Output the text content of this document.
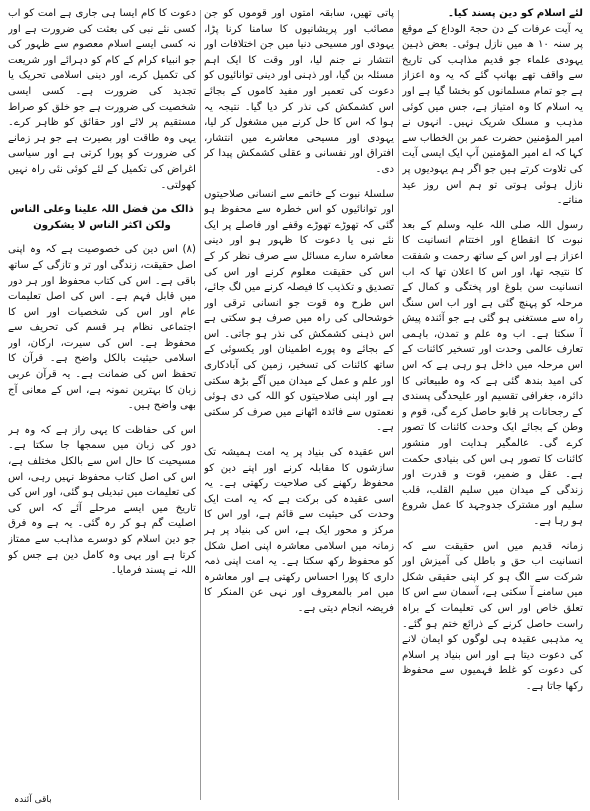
لئے اسلام کو دین پسند کیا۔

یہ آیت عرفات کے دن حجۃ الوداع کے موقع پر سنہ ۱۰ ھ میں نازل ہوئی۔ بعض ذہین یہودی علماء جو قدیم مذاہب کی تاریخ سے واقف تھے بھانپ گئے کہ یہ وہ اعزاز ہے جو تمام مسلمانوں کو بخشا گیا ہے اور یہ اسلام کا وہ امتیاز ہے، جس میں کوئی مذہب و مسلک شریک نہیں۔ انہوں نے امیر المؤمنین حضرت عمر بن الخطاب سے کہا کہ اے امیر المؤمنین آپ ایک ایسی آیت کی تلاوت کرتے ہیں جو اگر ہم یہودیوں پر نازل ہوئی ہوتی تو ہم اس روز عید مناتے۔

رسول اللہ صلی اللہ علیہ وسلم کے بعد نبوت کا انقطاع اور اختتام انسانیت کا اعزاز ہے اور اس کے ساتھ رحمت و شفقت کا نتیجہ تھا، اور اس کا اعلان تھا کہ اب انسانیت سن بلوغ اور پختگی و کمال کے مرحلہ کو پہنچ گئی ہے اور اب اس سنگ راہ سے مستغنی ہو گئی ہے جو آئندہ پیش آ سکتا ہے۔ اب وہ علم و تمدن، باہمی تعارف عالمی وحدت اور تسخیر کائنات کے اس مرحلہ میں داخل ہو رہی ہے کہ اس کی امید بندھ گئی ہے کہ وہ طبیعاتی کا دائرہ، جغرافی تقسیم اور علیحدگی پسندی کے رجحانات پر قابو حاصل کرے گی، قوم و وطن کے بجائے ایک وحدت کائنات کا تصور کرے گی۔ عالمگیر ہدایت اور منشور کائنات کا تصور ہی اس کی بنیادی حکمت ہے۔ عقل و ضمیر، قوت و قدرت اور زندگی کے میدان میں سلیم القلب، قلب سلیم اور مشترک جدوجہد کا عمل شروع ہو رہا ہے۔

زمانہ قدیم میں اس حقیقت سے کہ انسانیت اب حق و باطل کی آمیزش اور شرکت سے الگ ہو کر اپنی حقیقی شکل میں سامنے آ سکتی ہے، آسمان سے اس کا تعلق خاص اور اس کی تعلیمات کے براہ راست حاصل کرنے کے ذرائع ختم ہو گئے۔ یہ مذہبی عقیدہ ہی لوگوں کو ایمان لانے کی دعوت دیتا ہے اور اس بنیاد پر اسلام کی دعوت کو غلط فہمیوں سے محفوظ رکھا جاتا ہے۔

پاتی تھیں، سابقہ امتوں اور قوموں کو جن مصائب اور پریشانیوں کا سامنا کرنا پڑا، یہودی اور مسیحی دنیا میں جن اختلافات اور انتشار نے جنم لیا، اور وقت کا ایک اہم مسئلہ بن گیا، اور ذہنی اور دینی توانائیوں کو دعوت کی تعمیر اور مفید کاموں کے بجائے اس کشمکش کی نذر کر دیا گیا۔ نتیجہ یہ ہوا کہ اس کا حل کرنے میں مشغول کر لیا، یہودی اور مسیحی معاشرے میں انتشار، افتراق اور نفسانی و عقلی کشمکش پیدا کر دی۔

سلسلۂ نبوت کے خاتمے سے انسانی صلاحیتوں اور توانائیوں کو اس خطرہ سے محفوظ ہو گئی کہ تھوڑے تھوڑے وقفے اور فاصلے پر ایک نئے نبی یا دعوت کا ظہور ہو اور دینی معاشرہ سارے مسائل سے صرف نظر کر کے اس کی حقیقت معلوم کرنے اور اس کی تصدیق و تکذیب کا فیصلہ کرنے میں لگ جائے، اس طرح وہ قوت جو انسانی ترقی اور خوشحالی کی راہ میں صرف ہو سکتی ہے اس ذہنی کشمکش کی نذر ہو جاتی۔ اس کے بجائے وہ پورے اطمینان اور یکسوئی کے ساتھ کائنات کی تسخیر، زمین کی آبادکاری اور علم و عمل کے میدان میں آگے بڑھ سکتی ہے اور اپنی صلاحیتوں کو اللہ کی دی ہوئی نعمتوں سے فائدہ اٹھانے میں صرف کر سکتی ہے۔

اس عقیدہ کی بنیاد پر یہ امت ہمیشہ تک سازشوں کا مقابلہ کرنے اور اپنے دین کو محفوظ رکھنے کی صلاحیت رکھتی ہے۔ یہ اسی عقیدہ کی برکت ہے کہ یہ امت ایک وحدت کی حیثیت سے قائم ہے، اور اس کا مرکز و محور ایک ہے، اس کی بنیاد پر ہر زمانہ میں اسلامی معاشرہ اپنی اصل شکل کو محفوظ رکھ سکتا ہے۔ یہ امت اپنی ذمہ داری کا پورا احساس رکھتی ہے اور معاشرہ میں امر بالمعروف اور نہی عن المنکر کا فریضہ انجام دیتی ہے۔

دعوت کا کام ایسا ہی جاری ہے امت کو اب کسی نئے نبی کی بعثت کی ضرورت ہے اور نہ کسی ایسے اسلام معصوم سے ظہور کی جو انبیاء کرام کے کام کو دہرائے اور شریعت کی تکمیل کرے، اور دینی اسلامی تحریک یا تجدید کی ضرورت ہے۔ کسی ایسی شخصیت کی ضرورت ہے جو خلق کو صراط مستقیم پر لائے اور حقائق کو ظاہر کرے۔ یہی وہ طاقت اور بصیرت ہے جو ہر زمانے کی ضرورت کو پورا کرتی ہے اور سیاسی اغراض کی تکمیل کے لئے کوئی نئی راہ نہیں کھولتی۔

ذالک من فضل اللہ علینا وعلی الناس ولکن اکثر الناس لا یشکرون

(۸) اس دین کی خصوصیت ہے کہ وہ اپنی اصل حقیقت، زندگی اور تر و تازگی کے ساتھ باقی ہے۔ اس کی کتاب محفوظ اور ہر دور میں قابل فہم ہے۔ اس کی اصل تعلیمات عام اور اس کی شخصیات اور اس کا اجتماعی نظام ہر قسم کی تحریف سے محفوظ ہے۔ اس کی سیرت، ارکان، اور اسلامی حیثیت بالکل واضح ہے۔ قرآن کا تحفظ اس کی ضمانت ہے۔ یہ قرآن عربی زبان کا بہترین نمونہ ہے، اس کے معانی آج بھی واضح ہیں۔

اس کی حفاظت کا یہی راز ہے کہ وہ ہر دور کی زبان میں سمجھا جا سکتا ہے۔ مسیحیت کا حال اس سے بالکل مختلف ہے، اس کی اصل کتاب محفوظ نہیں رہی، اس کی تعلیمات میں تبدیلی ہو گئی، اور اس کی تاریخ میں ایسے مرحلے آئے کہ اس کی اصلیت گم ہو کر رہ گئی۔ یہ ہے وہ فرق جو دین اسلام کو دوسرے مذاہب سے ممتاز کرتا ہے اور یہی وہ کامل دین ہے جس کو اللہ نے پسند فرمایا۔

باقی آئندہ
